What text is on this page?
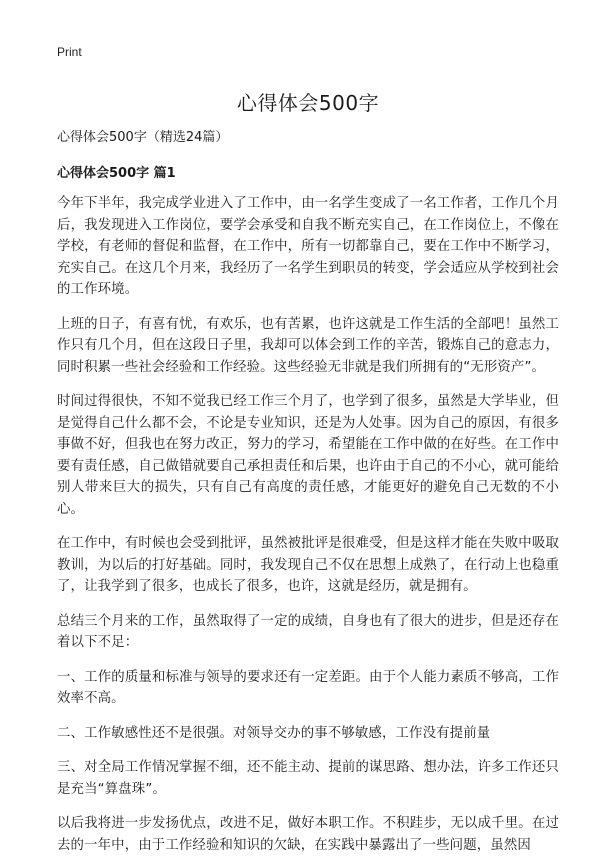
Print

心得体会500字

心得体会500字（精选24篇）

心得体会500字 篇1

今年下半年，我完成学业进入了工作中，由一名学生变成了一名工作者，工作几个月后，我发现进入工作岗位，要学会承受和自我不断充实自己，在工作岗位上，不像在学校，有老师的督促和监督，在工作中，所有一切都靠自己，要在工作中不断学习，充实自己。在这几个月来，我经历了一名学生到职员的转变，学会适应从学校到社会的工作环境。

上班的日子，有喜有忧，有欢乐，也有苦累，也许这就是工作生活的全部吧！虽然工作只有几个月，但在这段日子里，我却可以体会到工作的辛苦，锻炼自己的意志力，同时积累一些社会经验和工作经验。这些经验无非就是我们所拥有的“无形资产”。

时间过得很快，不知不觉我已经工作三个月了，也学到了很多，虽然是大学毕业，但是觉得自己什么都不会，不论是专业知识，还是为人处事。因为自己的原因，有很多事做不好，但我也在努力改正，努力的学习，希望能在工作中做的在好些。在工作中要有责任感，自己做错就要自己承担责任和后果，也许由于自己的不小心，就可能给别人带来巨大的损失，只有自己有高度的责任感，才能更好的避免自己无数的不小心。

在工作中，有时候也会受到批评，虽然被批评是很难受，但是这样才能在失败中吸取教训，为以后的打好基础。同时，我发现自己不仅在思想上成熟了，在行动上也稳重了，让我学到了很多，也成长了很多，也许，这就是经历，就是拥有。

总结三个月来的工作，虽然取得了一定的成绩，自身也有了很大的进步，但是还存在着以下不足：

一、工作的质量和标准与领导的要求还有一定差距。由于个人能力素质不够高，工作效率不高。

二、工作敏感性还不是很强。对领导交办的事不够敏感，工作没有提前量

三、对全局工作情况掌握不细，还不能主动、提前的谋思路、想办法，许多工作还只是充当“算盘珠”。

以后我将进一步发扬优点，改进不足，做好本职工作。不积跬步，无以成千里。在过去的一年中，由于工作经验和知识的欠缺，在实践中暴露出了一些问题，虽然因
